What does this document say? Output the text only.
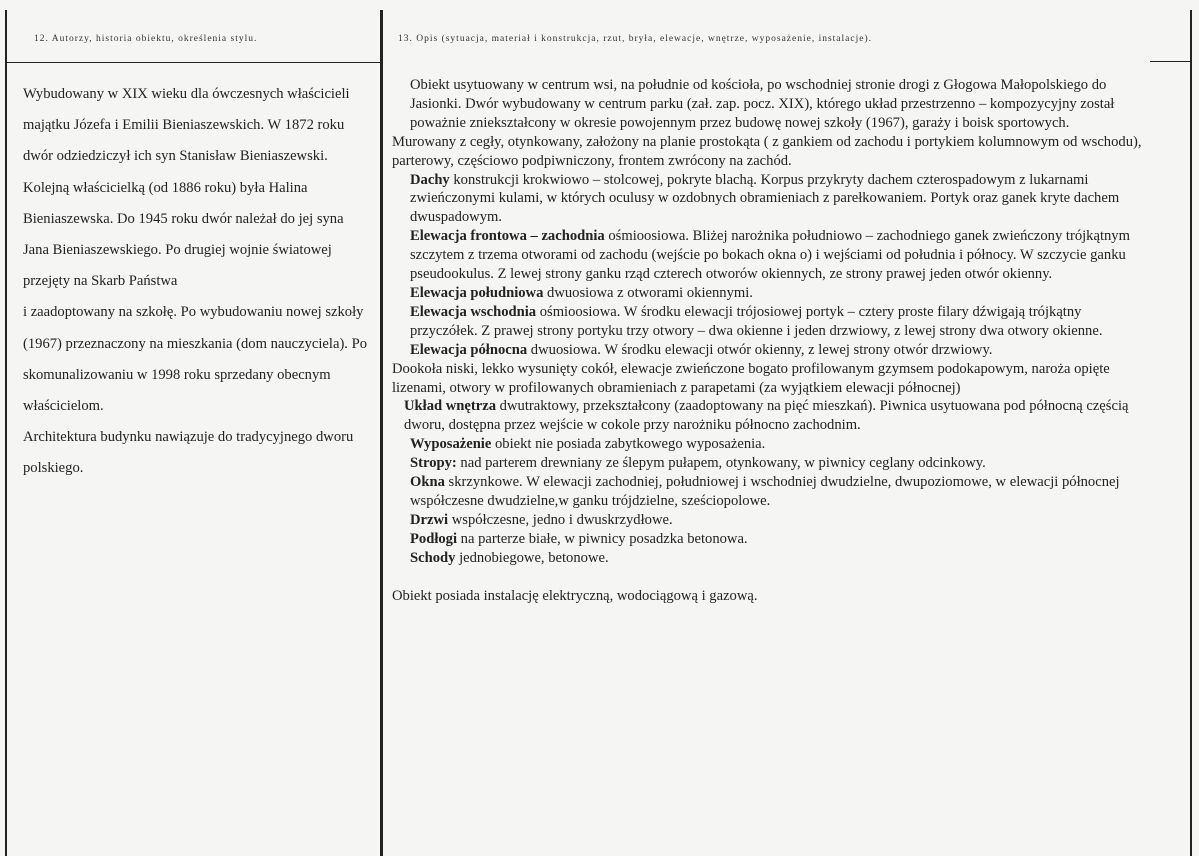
12. Autorzy, historia obiektu, określenia stylu.	13. Opis (sytuacja, materiał i konstrukcja, rzut, bryła, elewacje, wnętrze, wyposażenie, instalacje).

Wybudowany w XIX wieku dla ówczesnych właścicieli majątku Józefa i Emilii Bieniaszewskich. W 1872 roku dwór odziedziczył ich syn Stanisław Bieniaszewski. Kolejną właścicielką (od 1886 roku) była Halina Bieniaszewska. Do 1945 roku dwór należał do jej syna Jana Bieniaszewskiego. Po drugiej wojnie światowej przejęty na Skarb Państwa

i zaadoptowany na szkołę. Po wybudowaniu nowej szkoły (1967) przeznaczony na mieszkania (dom nauczyciela). Po skomunalizowaniu w 1998 roku sprzedany obecnym właścicielom.

Architektura budynku nawiązuje do tradycyjnego dworu polskiego.

Obiekt usytuowany w centrum wsi, na południe od kościoła, po wschodniej stronie drogi z Głogowa Małopolskiego do Jasionki. Dwór wybudowany w centrum parku (zał. zap. pocz. XIX), którego układ przestrzenno – kompozycyjny został poważnie zniekształcony w okresie powojennym przez budowę nowej szkoły (1967), garaży i boisk sportowych.

Murowany z cegły, otynkowany, założony na planie prostokąta ( z gankiem od zachodu i portykiem kolumnowym od wschodu), parterowy, częściowo podpiwniczony, frontem zwrócony na zachód.

Dachy konstrukcji krokwiowo – stolcowej, pokryte blachą. Korpus przykryty dachem czterospadowym z lukarnami zwieńczonymi kulami, w których oculusy w ozdobnych obramieniach z parełkowaniem. Portyk oraz ganek kryte dachem dwuspadowym.

Elewacja frontowa – zachodnia ośmioosiowa. Bliżej narożnika południowo – zachodniego ganek zwieńczony trójkątnym szczytem z trzema otworami od zachodu (wejście po bokach okna o) i wejściami od południa i północy. W szczycie ganku pseudookulus. Z lewej strony ganku rząd czterech otworów okiennych, ze strony prawej jeden otwór okienny.

Elewacja południowa dwuosiowa z otworami okiennymi.

Elewacja wschodnia ośmioosiowa. W środku elewacji trójosiowej portyk – cztery proste filary dźwigają trójkątny przyczółek. Z prawej strony portyku trzy otwory – dwa okienne i jeden drzwiowy, z lewej strony dwa otwory okienne.

Elewacja północna dwuosiowa. W środku elewacji otwór okienny, z lewej strony otwór drzwiowy.

Dookoła niski, lekko wysunięty cokół, elewacje zwieńczone bogato profilowanym gzymsem podokapowym, naroża opięte lizenami, otwory w profilowanych obramieniach z parapetami (za wyjątkiem elewacji północnej)

Układ wnętrza dwutraktowy, przekształcony (zaadoptowany na pięć mieszkań). Piwnica usytuowana pod północną częścią dworu, dostępna przez wejście w cokole przy narożniku północno zachodnim.

Wyposażenie obiekt nie posiada zabytkowego wyposażenia.

Stropy: nad parterem drewniany ze ślepym pułapem, otynkowany, w piwnicy ceglany odcinkowy.

Okna skrzynkowe. W elewacji zachodniej, południowej i wschodniej dwudzielne, dwupoziomowe, w elewacji północnej współczesne dwudzielne,w ganku trójdzielne, sześciopolowe.

Drzwi współczesne, jedno i dwuskrzydłowe.

Podłogi na parterze białe, w piwnicy posadzka betonowa.

Schody jednobiegowe, betonowe.

Obiekt posiada instalację elektryczną, wodociągową i gazową.
